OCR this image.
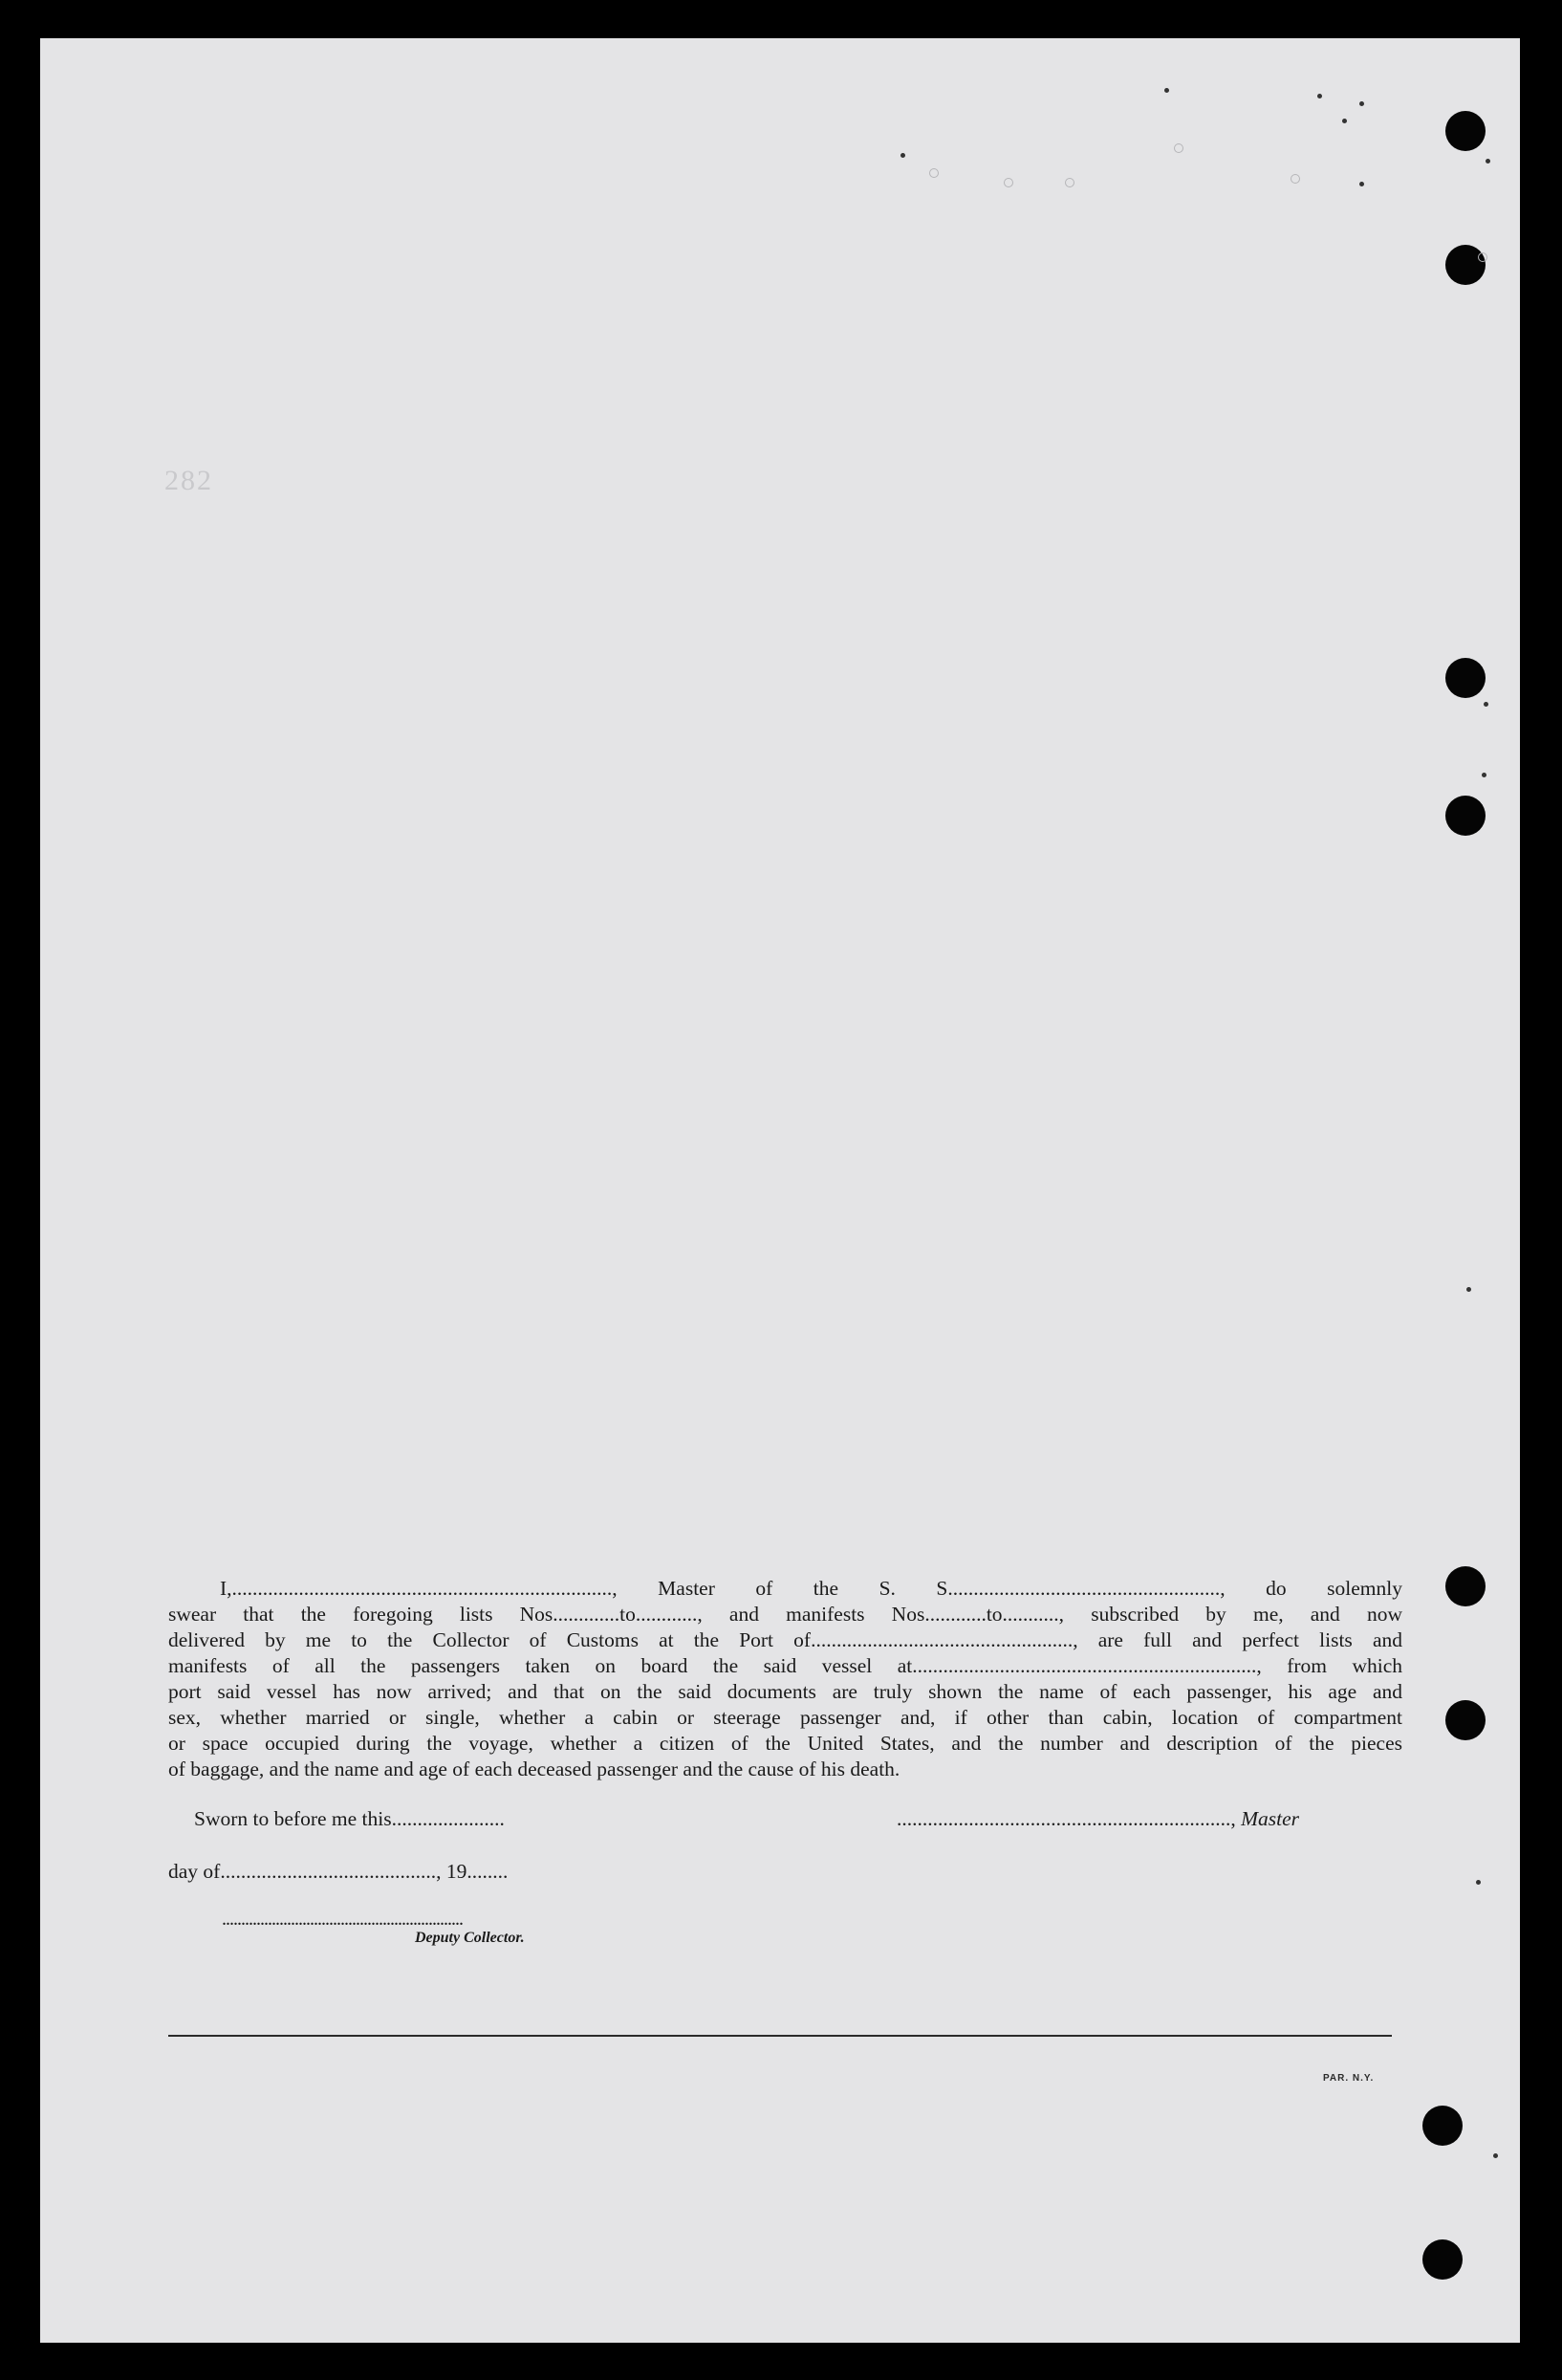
282

I,.........................................................................., Master of the S. S....................................................., do solemnly

swear that the foregoing lists Nos.............to............, and manifests Nos............to..........., subscribed by me, and now

delivered by me to the Collector of Customs at the Port of..................................................., are full and perfect lists and

manifests of all the passengers taken on board the said vessel at..................................................................., from which

port said vessel has now arrived; and that on the said documents are truly shown the name of each passenger, his age and

sex, whether married or single, whether a cabin or steerage passenger and, if other than cabin, location of compartment

or space occupied during the voyage, whether a citizen of the United States, and the number and description of the pieces

of baggage, and the name and age of each deceased passenger and the cause of his death.

Sworn to before me this......................	................................................................., Master
day of.........................................., 19........
...............................................................
Deputy Collector.
PAR. N.Y.
